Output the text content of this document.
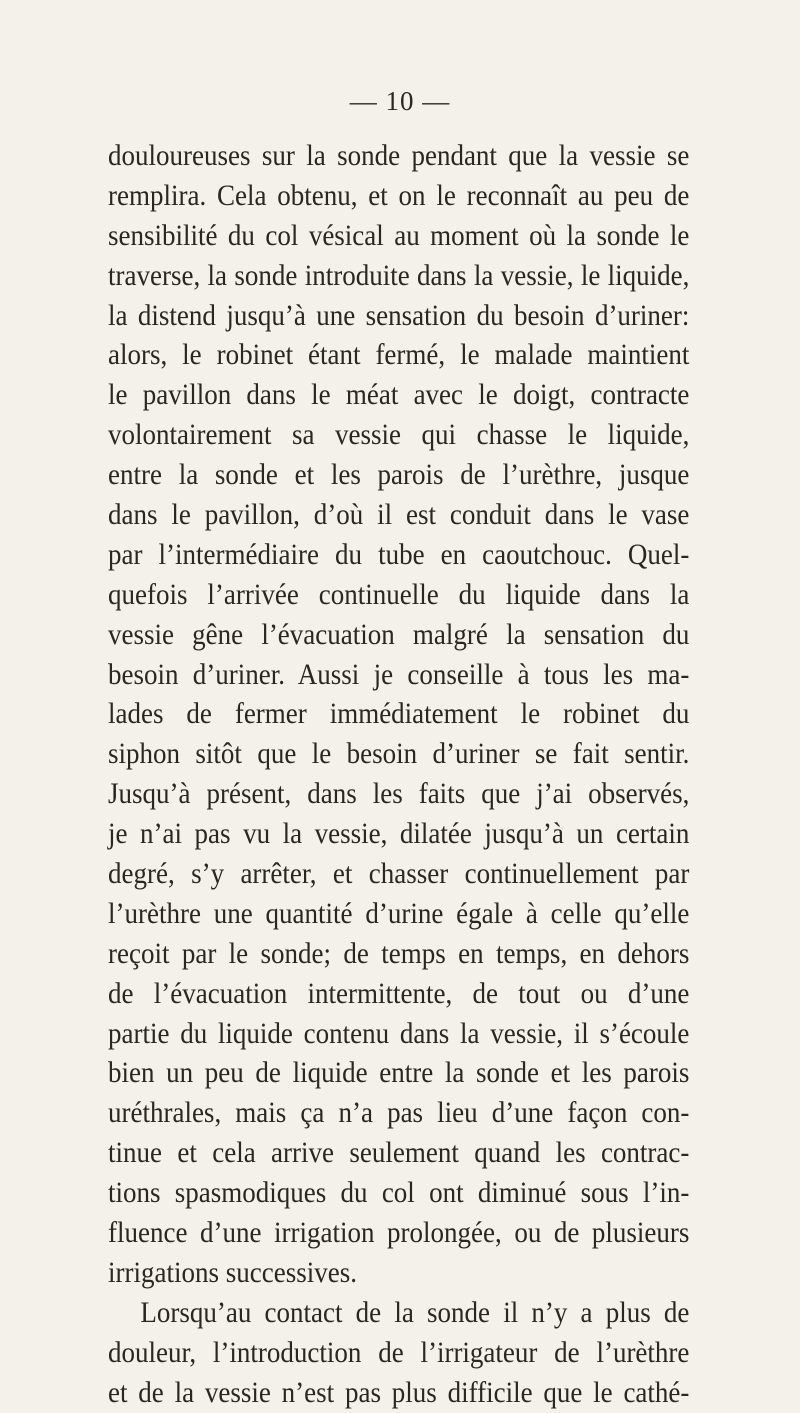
— 10 —
douloureuses sur la sonde pendant que la vessie se
remplira. Cela obtenu, et on le reconnaît au peu de
sensibilité du col vésical au moment où la sonde le
traverse, la sonde introduite dans la vessie, le liquide,
la distend jusqu’à une sensation du besoin d’uriner:
alors, le robinet étant fermé, le malade maintient
le pavillon dans le méat avec le doigt, contracte
volontairement sa vessie qui chasse le liquide,
entre la sonde et les parois de l’urèthre, jusque
dans le pavillon, d’où il est conduit dans le vase
par l’intermédiaire du tube en caoutchouc. Quel-
quefois l’arrivée continuelle du liquide dans la
vessie gêne l’évacuation malgré la sensation du
besoin d’uriner. Aussi je conseille à tous les ma-
lades de fermer immédiatement le robinet du
siphon sitôt que le besoin d’uriner se fait sentir.
Jusqu’à présent, dans les faits que j’ai observés,
je n’ai pas vu la vessie, dilatée jusqu’à un certain
degré, s’y arrêter, et chasser continuellement par
l’urèthre une quantité d’urine égale à celle qu’elle
reçoit par le sonde; de temps en temps, en dehors
de l’évacuation intermittente, de tout ou d’une
partie du liquide contenu dans la vessie, il s’écoule
bien un peu de liquide entre la sonde et les parois
uréthrales, mais ça n’a pas lieu d’une façon con-
tinue et cela arrive seulement quand les contrac-
tions spasmodiques du col ont diminué sous l’in-
fluence d’une irrigation prolongée, ou de plusieurs
irrigations successives.
Lorsqu’au contact de la sonde il n’y a plus de
douleur, l’introduction de l’irrigateur de l’urèthre
et de la vessie n’est pas plus difficile que le cathé-
